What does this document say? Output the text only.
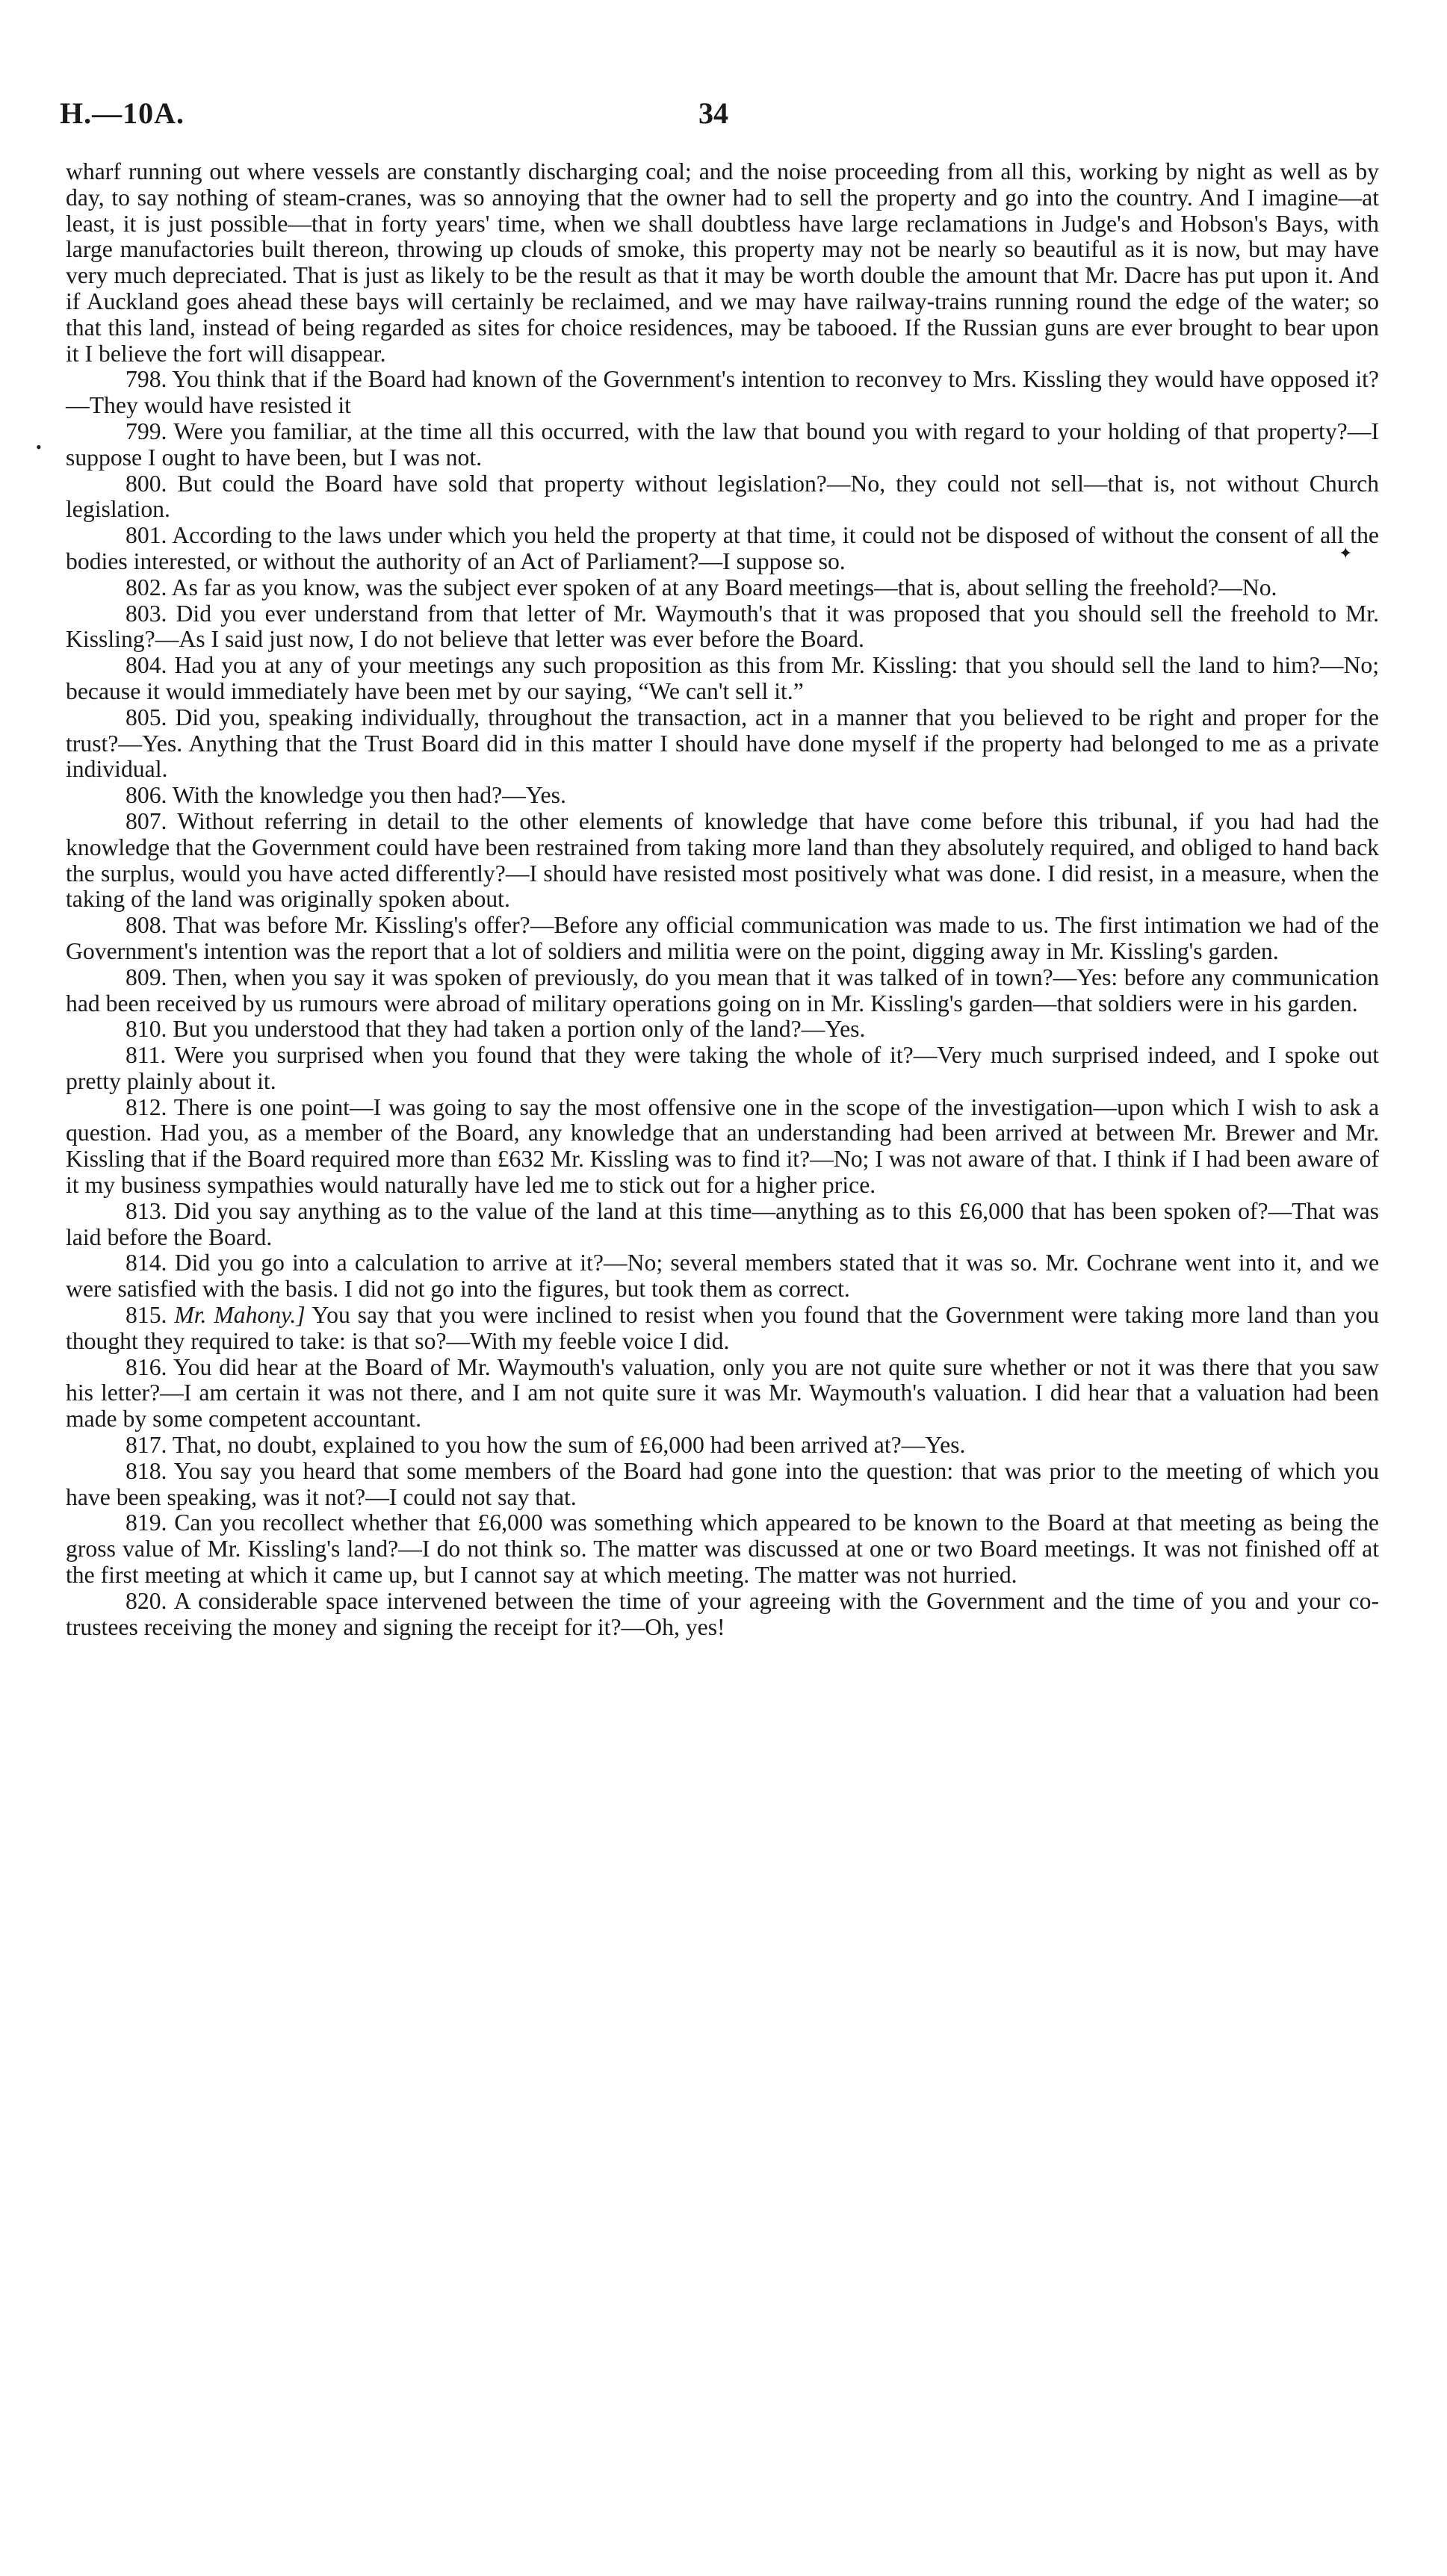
H.—10A.	34
•
✦

wharf running out where vessels are constantly discharging coal; and the noise proceeding from all this, working by night as well as by day, to say nothing of steam-cranes, was so annoying that the owner had to sell the property and go into the country. And I imagine—at least, it is just possible—that in forty years' time, when we shall doubtless have large reclamations in Judge's and Hobson's Bays, with large manufactories built thereon, throwing up clouds of smoke, this property may not be nearly so beautiful as it is now, but may have very much depreciated. That is just as likely to be the result as that it may be worth double the amount that Mr. Dacre has put upon it. And if Auckland goes ahead these bays will certainly be reclaimed, and we may have railway-trains running round the edge of the water; so that this land, instead of being regarded as sites for choice residences, may be tabooed. If the Russian guns are ever brought to bear upon it I believe the fort will disappear.

798. You think that if the Board had known of the Government's intention to reconvey to Mrs. Kissling they would have opposed it?—They would have resisted it

799. Were you familiar, at the time all this occurred, with the law that bound you with regard to your holding of that property?—I suppose I ought to have been, but I was not.

800. But could the Board have sold that property without legislation?—No, they could not sell—that is, not without Church legislation.

801. According to the laws under which you held the property at that time, it could not be disposed of without the consent of all the bodies interested, or without the authority of an Act of Parliament?—I suppose so.

802. As far as you know, was the subject ever spoken of at any Board meetings—that is, about selling the freehold?—No.

803. Did you ever understand from that letter of Mr. Waymouth's that it was proposed that you should sell the freehold to Mr. Kissling?—As I said just now, I do not believe that letter was ever before the Board.

804. Had you at any of your meetings any such proposition as this from Mr. Kissling: that you should sell the land to him?—No; because it would immediately have been met by our saying, “We can't sell it.”

805. Did you, speaking individually, throughout the transaction, act in a manner that you believed to be right and proper for the trust?—Yes. Anything that the Trust Board did in this matter I should have done myself if the property had belonged to me as a private individual.

806. With the knowledge you then had?—Yes.

807. Without referring in detail to the other elements of knowledge that have come before this tribunal, if you had had the knowledge that the Government could have been restrained from taking more land than they absolutely required, and obliged to hand back the surplus, would you have acted differently?—I should have resisted most positively what was done. I did resist, in a measure, when the taking of the land was originally spoken about.

808. That was before Mr. Kissling's offer?—Before any official communication was made to us. The first intimation we had of the Government's intention was the report that a lot of soldiers and militia were on the point, digging away in Mr. Kissling's garden.

809. Then, when you say it was spoken of previously, do you mean that it was talked of in town?—Yes: before any communication had been received by us rumours were abroad of military operations going on in Mr. Kissling's garden—that soldiers were in his garden.

810. But you understood that they had taken a portion only of the land?—Yes.

811. Were you surprised when you found that they were taking the whole of it?—Very much surprised indeed, and I spoke out pretty plainly about it.

812. There is one point—I was going to say the most offensive one in the scope of the investigation—upon which I wish to ask a question. Had you, as a member of the Board, any knowledge that an understanding had been arrived at between Mr. Brewer and Mr. Kissling that if the Board required more than £632 Mr. Kissling was to find it?—No; I was not aware of that. I think if I had been aware of it my business sympathies would naturally have led me to stick out for a higher price.

813. Did you say anything as to the value of the land at this time—anything as to this £6,000 that has been spoken of?—That was laid before the Board.

814. Did you go into a calculation to arrive at it?—No; several members stated that it was so. Mr. Cochrane went into it, and we were satisfied with the basis. I did not go into the figures, but took them as correct.

815. Mr. Mahony.] You say that you were inclined to resist when you found that the Government were taking more land than you thought they required to take: is that so?—With my feeble voice I did.

816. You did hear at the Board of Mr. Waymouth's valuation, only you are not quite sure whether or not it was there that you saw his letter?—I am certain it was not there, and I am not quite sure it was Mr. Waymouth's valuation. I did hear that a valuation had been made by some competent accountant.

817. That, no doubt, explained to you how the sum of £6,000 had been arrived at?—Yes.

818. You say you heard that some members of the Board had gone into the question: that was prior to the meeting of which you have been speaking, was it not?—I could not say that.

819. Can you recollect whether that £6,000 was something which appeared to be known to the Board at that meeting as being the gross value of Mr. Kissling's land?—I do not think so. The matter was discussed at one or two Board meetings. It was not finished off at the first meeting at which it came up, but I cannot say at which meeting. The matter was not hurried.

820. A considerable space intervened between the time of your agreeing with the Government and the time of you and your co-trustees receiving the money and signing the receipt for it?—Oh, yes!
